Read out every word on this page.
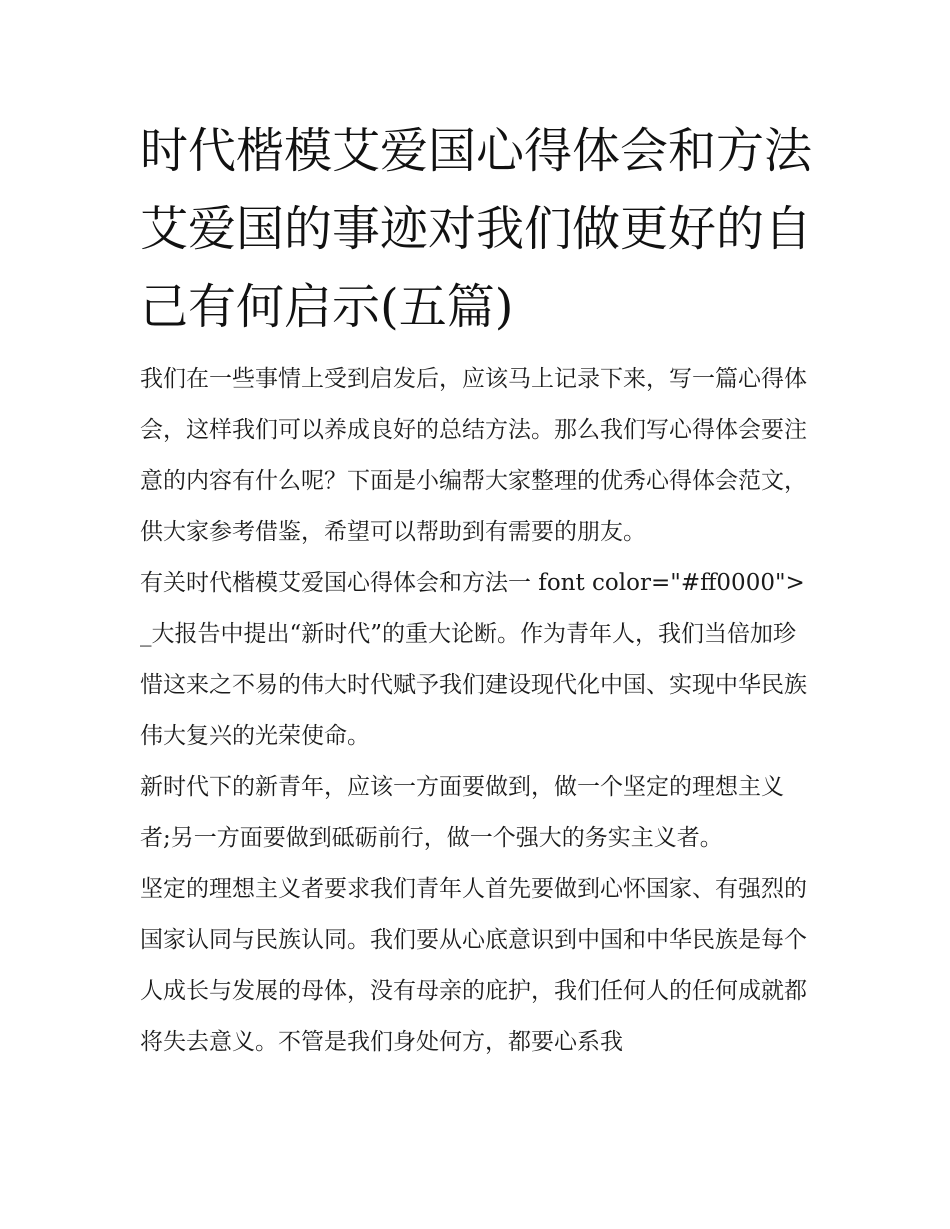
时代楷模艾爱国心得体会和方法 艾爱国的事迹对我们做更好的自己有何启示(五篇)

我们在一些事情上受到启发后，应该马上记录下来，写一篇心得体会，这样我们可以养成良好的总结方法。那么我们写心得体会要注意的内容有什么呢？下面是小编帮大家整理的优秀心得体会范文，供大家参考借鉴，希望可以帮助到有需要的朋友。

有关时代楷模艾爱国心得体会和方法一 font color="#ff0000">_大报告中提出“新时代”的重大论断。作为青年人，我们当倍加珍惜这来之不易的伟大时代赋予我们建设现代化中国、实现中华民族伟大复兴的光荣使命。

新时代下的新青年，应该一方面要做到，做一个坚定的理想主义者;另一方面要做到砥砺前行，做一个强大的务实主义者。

坚定的理想主义者要求我们青年人首先要做到心怀国家、有强烈的国家认同与民族认同。我们要从心底意识到中国和中华民族是每个人成长与发展的母体，没有母亲的庇护，我们任何人的任何成就都将失去意义。不管是我们身处何方，都要心系我
